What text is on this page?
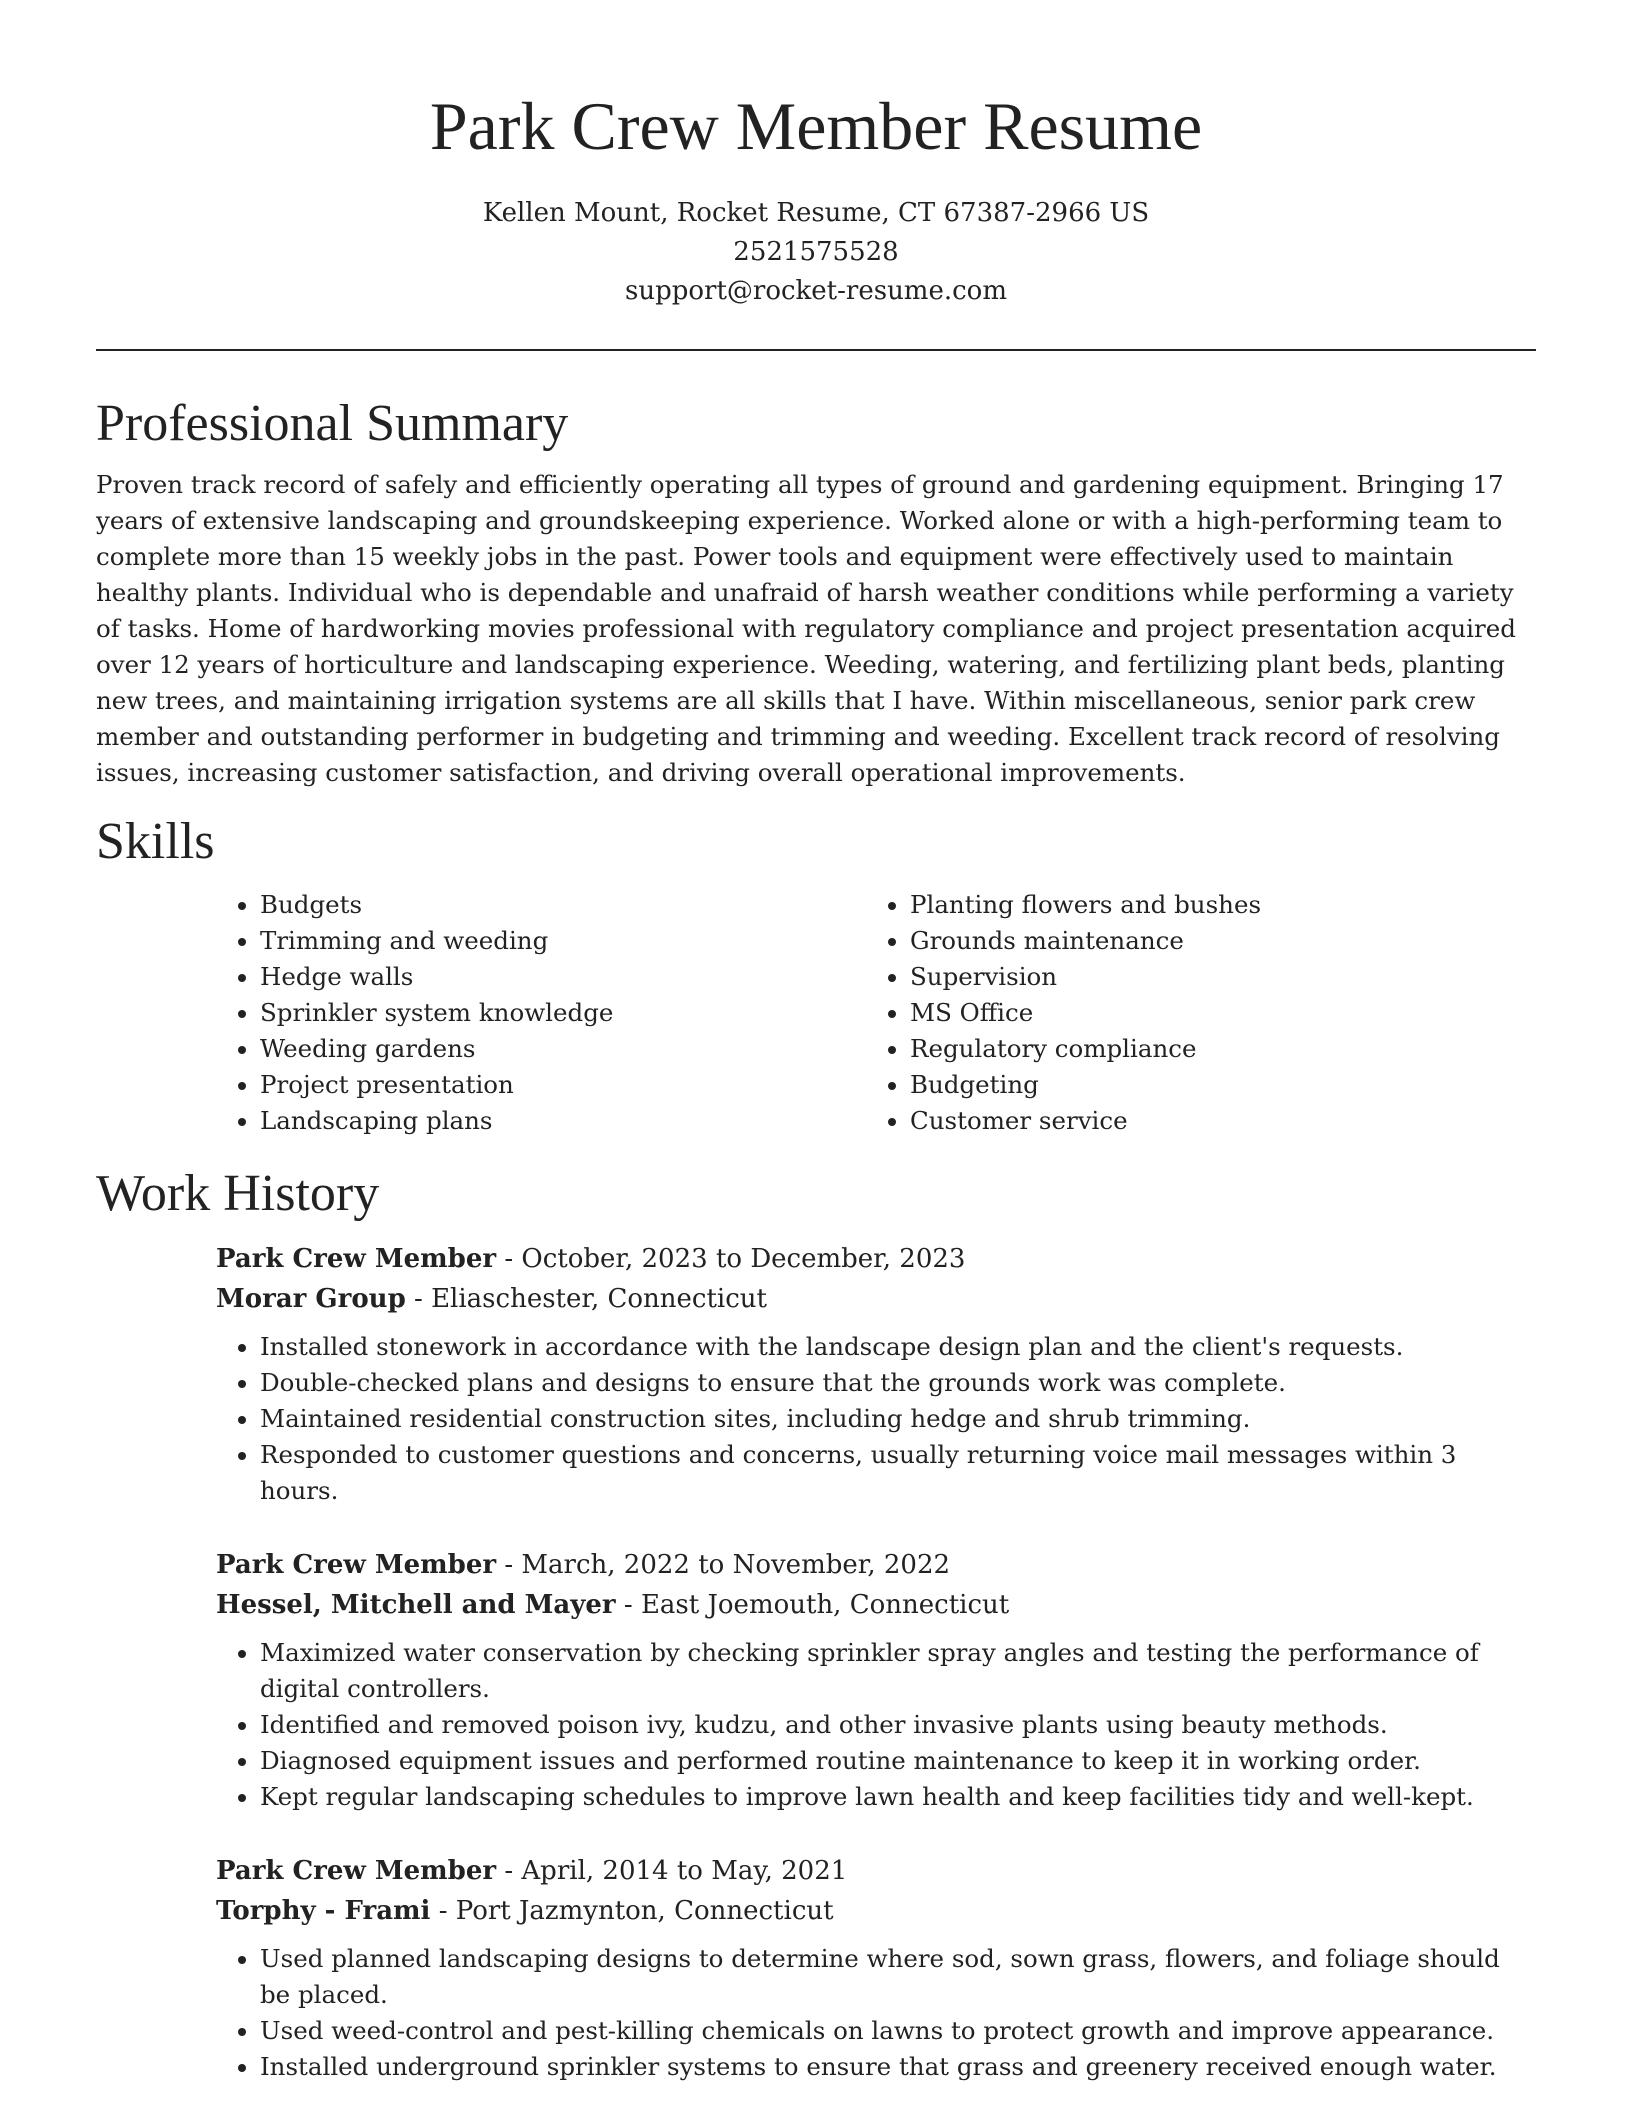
Park Crew Member Resume
Kellen Mount, Rocket Resume, CT 67387-2966 US
2521575528
support@rocket-resume.com
Professional Summary

Proven track record of safely and efficiently operating all types of ground and gardening equipment. Bringing 17 years of extensive landscaping and groundskeeping experience. Worked alone or with a high-performing team to complete more than 15 weekly jobs in the past. Power tools and equipment were effectively used to maintain healthy plants. Individual who is dependable and unafraid of harsh weather conditions while performing a variety of tasks. Home of hardworking movies professional with regulatory compliance and project presentation acquired over 12 years of horticulture and landscaping experience. Weeding, watering, and fertilizing plant beds, planting new trees, and maintaining irrigation systems are all skills that I have. Within miscellaneous, senior park crew member and outstanding performer in budgeting and trimming and weeding. Excellent track record of resolving issues, increasing customer satisfaction, and driving overall operational improvements.

Skills
• Budgets
• Trimming and weeding
• Hedge walls
• Sprinkler system knowledge
• Weeding gardens
• Project presentation
• Landscaping plans
• Planting flowers and bushes
• Grounds maintenance
• Supervision
• MS Office
• Regulatory compliance
• Budgeting
• Customer service
Work History
Park Crew Member - October, 2023 to December, 2023
Morar Group - Eliaschester, Connecticut
• Installed stonework in accordance with the landscape design plan and the client's requests.
• Double-checked plans and designs to ensure that the grounds work was complete.
• Maintained residential construction sites, including hedge and shrub trimming.
• Responded to customer questions and concerns, usually returning voice mail messages within 3 hours.
Park Crew Member - March, 2022 to November, 2022
Hessel, Mitchell and Mayer - East Joemouth, Connecticut
• Maximized water conservation by checking sprinkler spray angles and testing the performance of digital controllers.
• Identified and removed poison ivy, kudzu, and other invasive plants using beauty methods.
• Diagnosed equipment issues and performed routine maintenance to keep it in working order.
• Kept regular landscaping schedules to improve lawn health and keep facilities tidy and well-kept.
Park Crew Member - April, 2014 to May, 2021
Torphy - Frami - Port Jazmynton, Connecticut
• Used planned landscaping designs to determine where sod, sown grass, flowers, and foliage should be placed.
• Used weed-control and pest-killing chemicals on lawns to protect growth and improve appearance.
• Installed underground sprinkler systems to ensure that grass and greenery received enough water.
